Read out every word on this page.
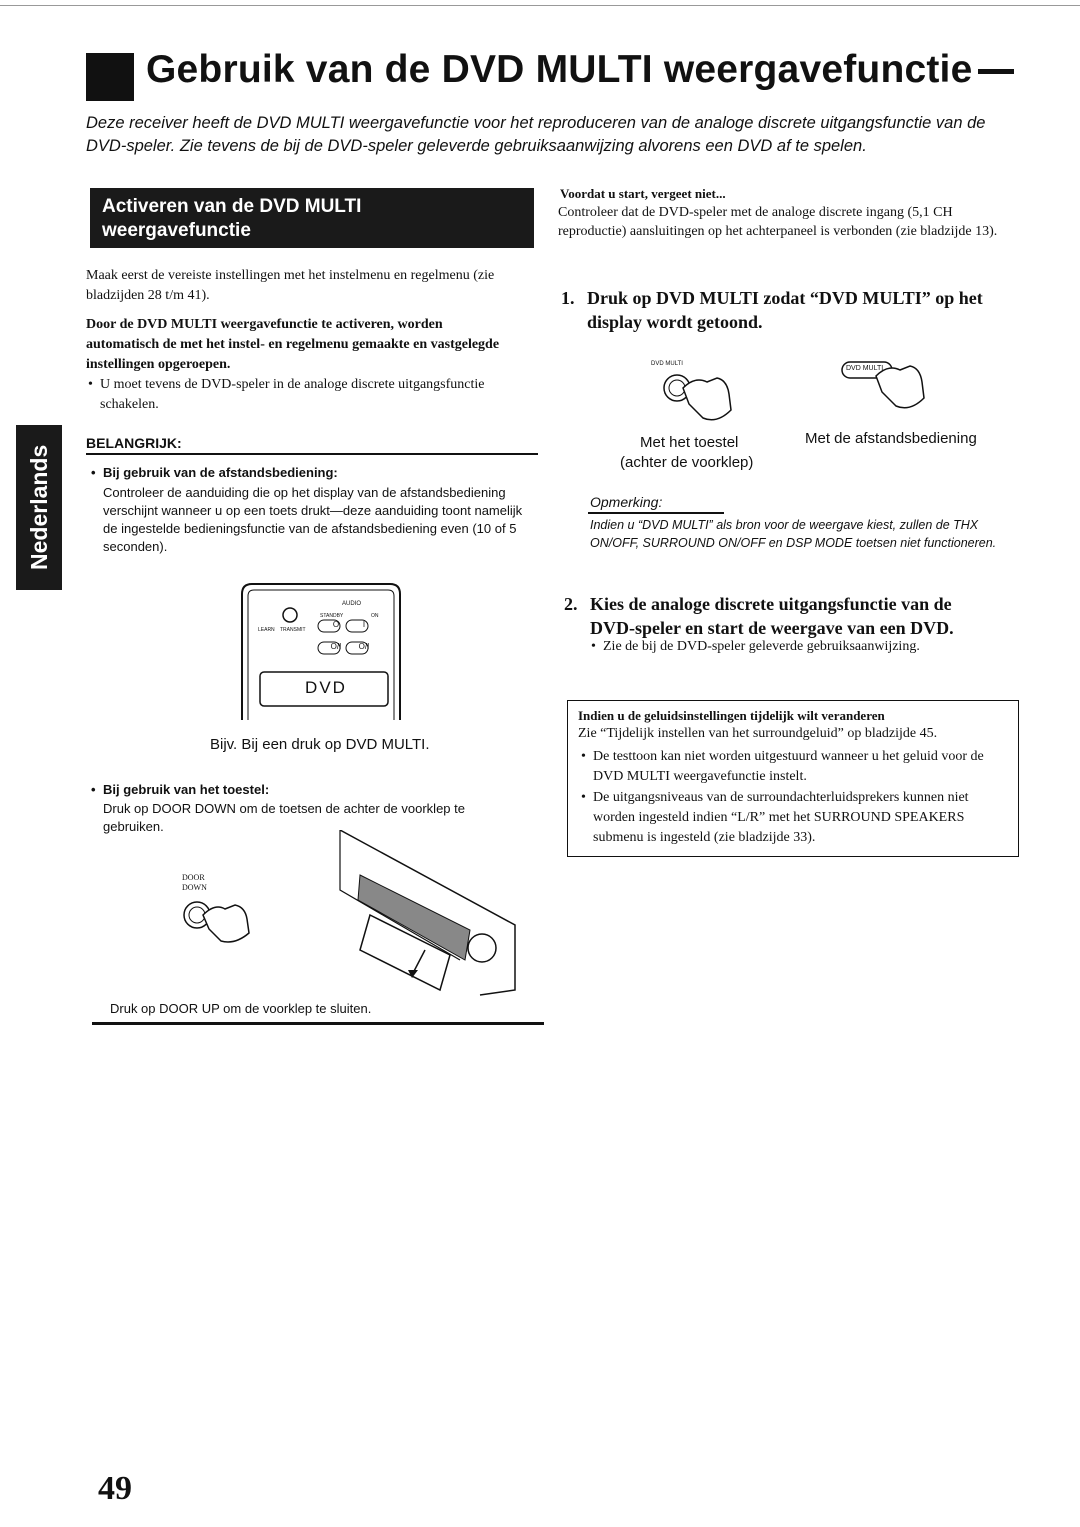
Gebruik van de DVD MULTI weergavefunctie
Deze receiver heeft de DVD MULTI weergavefunctie voor het reproduceren van de analoge discrete uitgangsfunctie van de DVD-speler. Zie tevens de bij de DVD-speler geleverde gebruiksaanwijzing alvorens een DVD af te spelen.
Nederlands
Activeren van de DVD MULTI
weergavefunctie
Maak eerst de vereiste instellingen met het instelmenu en regelmenu (zie bladzijden 28 t/m 41).
Door de DVD MULTI weergavefunctie te activeren, worden automatisch de met het instel- en regelmenu gemaakte en vastgelegde instellingen opgeroepen.
• U moet tevens de DVD-speler in de analoge discrete uitgangsfunctie schakelen.
BELANGRIJK:
• Bij gebruik van de afstandsbediening:
Controleer de aanduiding die op het display van de afstandsbediening verschijnt wanneer u op een toets drukt—deze aanduiding toont namelijk de ingestelde bedieningsfunctie van de afstandsbediening even (10 of 5 seconden).
AUDIO
STANDBY	ON
LEARN TRANSMIT
O	I
O/I	O/I
DVD
Bijv. Bij een druk op DVD MULTI.
• Bij gebruik van het toestel:
Druk op DOOR DOWN om de toetsen de achter de voorklep te gebruiken.
DOOR
DOWN
Druk op DOOR UP om de voorklep te sluiten.
Voordat u start, vergeet niet...
Controleer dat de DVD-speler met de analoge discrete ingang (5,1 CH reproductie) aansluitingen op het achterpaneel is verbonden (zie bladzijde 13).
1. Druk op DVD MULTI zodat “DVD MULTI” op het display wordt getoond.
DVD MULTI
DVD MULTI
Met het toestel
(achter de voorklep)
Met de afstandsbediening
Opmerking:
Indien u “DVD MULTI” als bron voor de weergave kiest, zullen de THX ON/OFF, SURROUND ON/OFF en DSP MODE toetsen niet functioneren.
2. Kies de analoge discrete uitgangsfunctie van de DVD-speler en start de weergave van een DVD.
• Zie de bij de DVD-speler geleverde gebruiksaanwijzing.
Indien u de geluidsinstellingen tijdelijk wilt veranderen
Zie “Tijdelijk instellen van het surroundgeluid” op bladzijde 45.
• De testtoon kan niet worden uitgestuurd wanneer u het geluid voor de DVD MULTI weergavefunctie instelt.
• De uitgangsniveaus van de surroundachterluidsprekers kunnen niet worden ingesteld indien “L/R” met het SURROUND SPEAKERS submenu is ingesteld (zie bladzijde 33).
49
